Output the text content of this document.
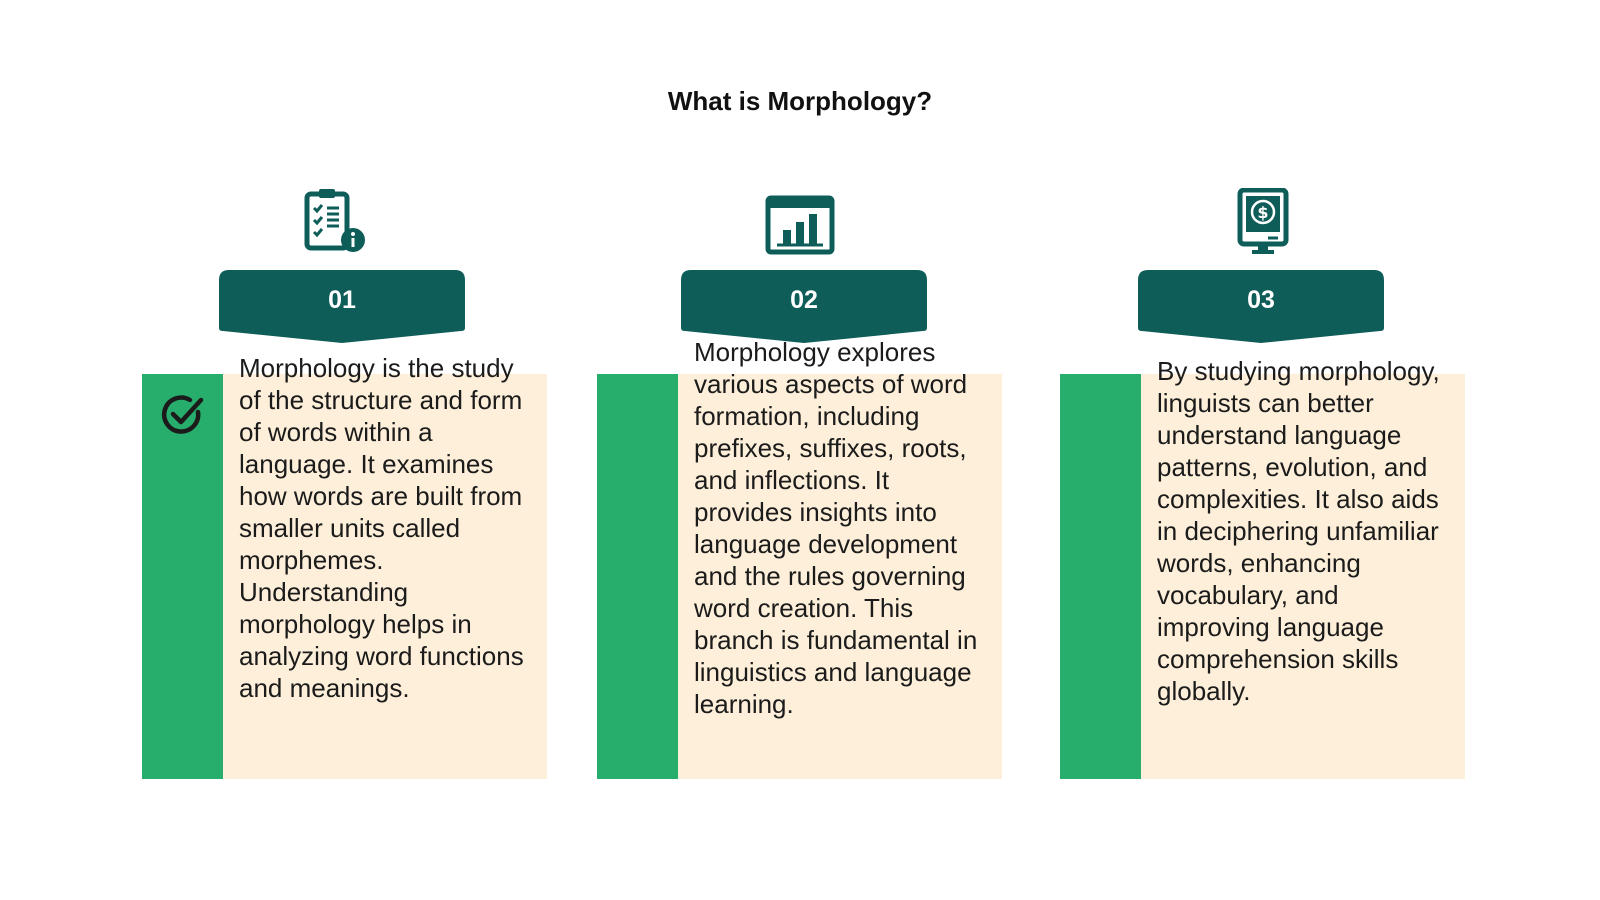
What is Morphology?
01
Morphology is the study of the structure and form of words within a language. It examines how words are built from smaller units called morphemes. Understanding morphology helps in analyzing word functions and meanings.
02
Morphology explores various aspects of word formation, including prefixes, suffixes, roots, and inflections. It provides insights into language development and the rules governing word creation. This branch is fundamental in linguistics and language learning.
$
03
By studying morphology, linguists can better understand language patterns, evolution, and complexities. It also aids in deciphering unfamiliar words, enhancing vocabulary, and improving language comprehension skills globally.
